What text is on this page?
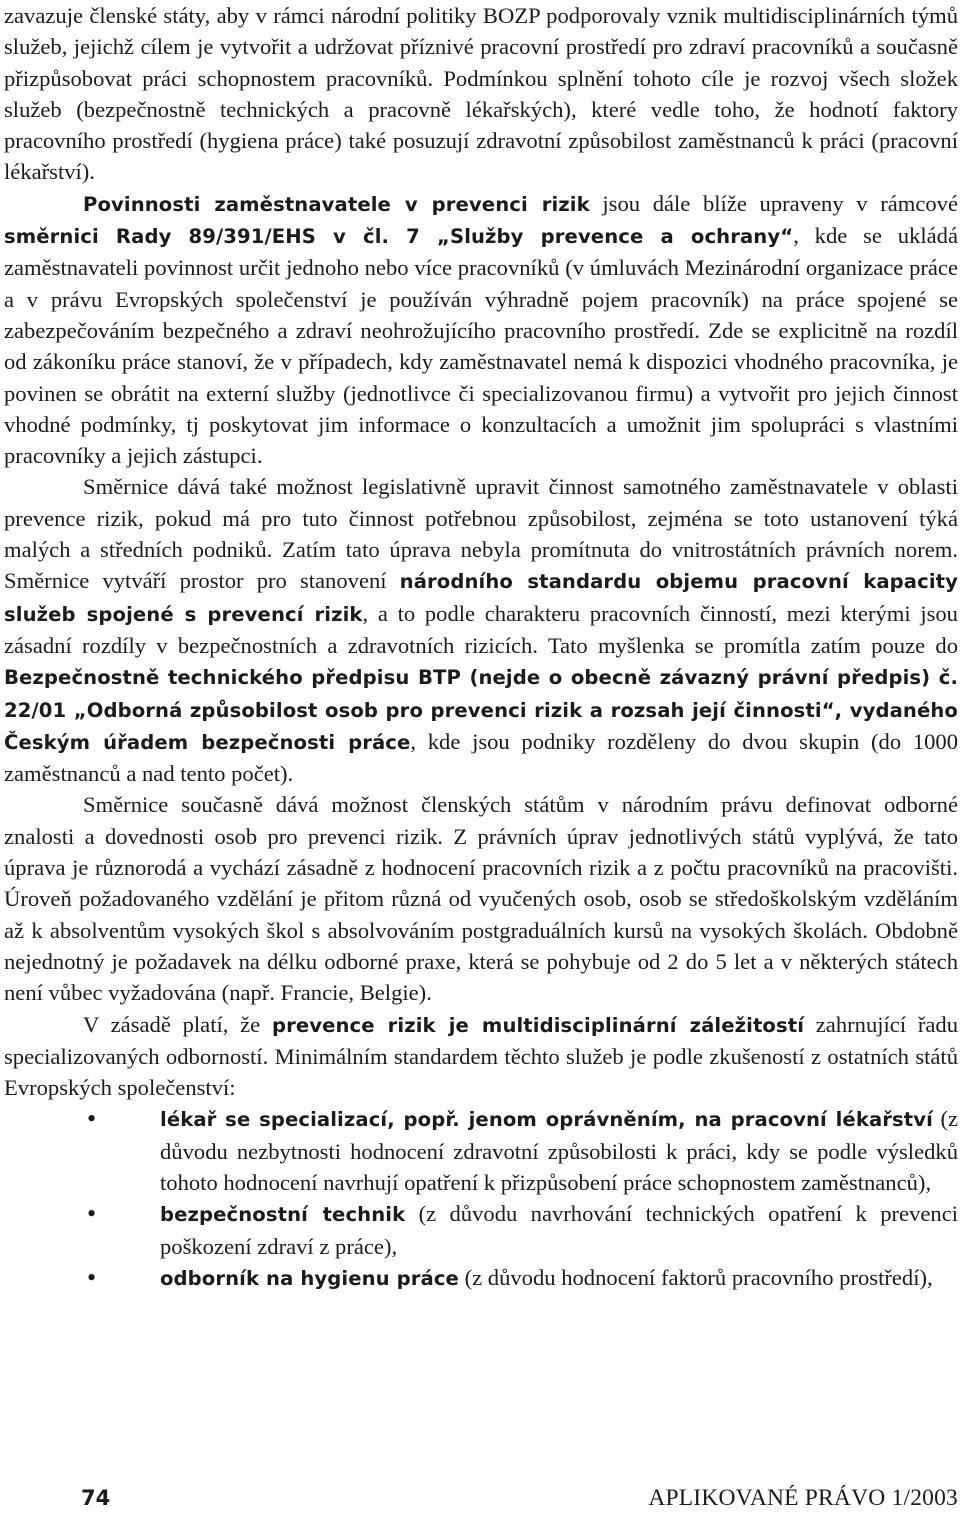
zavazuje členské státy, aby v rámci národní politiky BOZP podporovaly vznik multidisciplinárních týmů služeb, jejichž cílem je vytvořit a udržovat příznivé pracovní prostředí pro zdraví pracovníků a současně přizpůsobovat práci schopnostem pracovníků. Podmínkou splnění tohoto cíle je rozvoj všech složek služeb (bezpečnostně technických a pracovně lékařských), které vedle toho, že hodnotí faktory pracovního prostředí (hygiena práce) také posuzují zdravotní způsobilost zaměstnanců k práci (pracovní lékařství).

Povinnosti zaměstnavatele v prevenci rizik jsou dále blíže upraveny v rámcové směrnici Rady 89/391/EHS v čl. 7 „Služby prevence a ochrany“, kde se ukládá zaměstnavateli povinnost určit jednoho nebo více pracovníků (v úmluvách Mezinárodní organizace práce a v právu Evropských společenství je používán výhradně pojem pracovník) na práce spojené se zabezpečováním bezpečného a zdraví neohrožujícího pracovního prostředí. Zde se explicitně na rozdíl od zákoníku práce stanoví, že v případech, kdy zaměstnavatel nemá k dispozici vhodného pracovníka, je povinen se obrátit na externí služby (jednotlivce či specializovanou firmu) a vytvořit pro jejich činnost vhodné podmínky, tj poskytovat jim informace o konzultacích a umožnit jim spolupráci s vlastními pracovníky a jejich zástupci.

Směrnice dává také možnost legislativně upravit činnost samotného zaměstnavatele v oblasti prevence rizik, pokud má pro tuto činnost potřebnou způsobilost, zejména se toto ustanovení týká malých a středních podniků. Zatím tato úprava nebyla promítnuta do vnitrostátních právních norem. Směrnice vytváří prostor pro stanovení národního standardu objemu pracovní kapacity služeb spojené s prevencí rizik, a to podle charakteru pracovních činností, mezi kterými jsou zásadní rozdíly v bezpečnostních a zdravotních rizicích. Tato myšlenka se promítla zatím pouze do Bezpečnostně technického předpisu BTP (nejde o obecně závazný právní předpis) č. 22/01 „Odborná způsobilost osob pro prevenci rizik a rozsah její činnosti“, vydaného Českým úřadem bezpečnosti práce, kde jsou podniky rozděleny do dvou skupin (do 1000 zaměstnanců a nad tento počet).

Směrnice současně dává možnost členských státům v národním právu definovat odborné znalosti a dovednosti osob pro prevenci rizik. Z právních úprav jednotlivých států vyplývá, že tato úprava je různorodá a vychází zásadně z hodnocení pracovních rizik a z počtu pracovníků na pracovišti. Úroveň požadovaného vzdělání je přitom různá od vyučených osob, osob se středoškolským vzděláním až k absolventům vysokých škol s absolvováním postgraduálních kursů na vysokých školách. Obdobně nejednotný je požadavek na délku odborné praxe, která se pohybuje od 2 do 5 let a v některých státech není vůbec vyžadována (např. Francie, Belgie).

V zásadě platí, že prevence rizik je multidisciplinární záležitostí zahrnující řadu specializovaných odborností. Minimálním standardem těchto služeb je podle zkušeností z ostatních států Evropských společenství:

•	lékař se specializací, popř. jenom oprávněním, na pracovní lékařství (z důvodu nezbytnosti hodnocení zdravotní způsobilosti k práci, kdy se podle výsledků tohoto hodnocení navrhují opatření k přizpůsobení práce schopnostem zaměstnanců),
•	bezpečnostní technik (z důvodu navrhování technických opatření k prevenci poškození zdraví z práce),
•	odborník na hygienu práce (z důvodu hodnocení faktorů pracovního prostředí),
74	APLIKOVANÉ PRÁVO 1/2003
